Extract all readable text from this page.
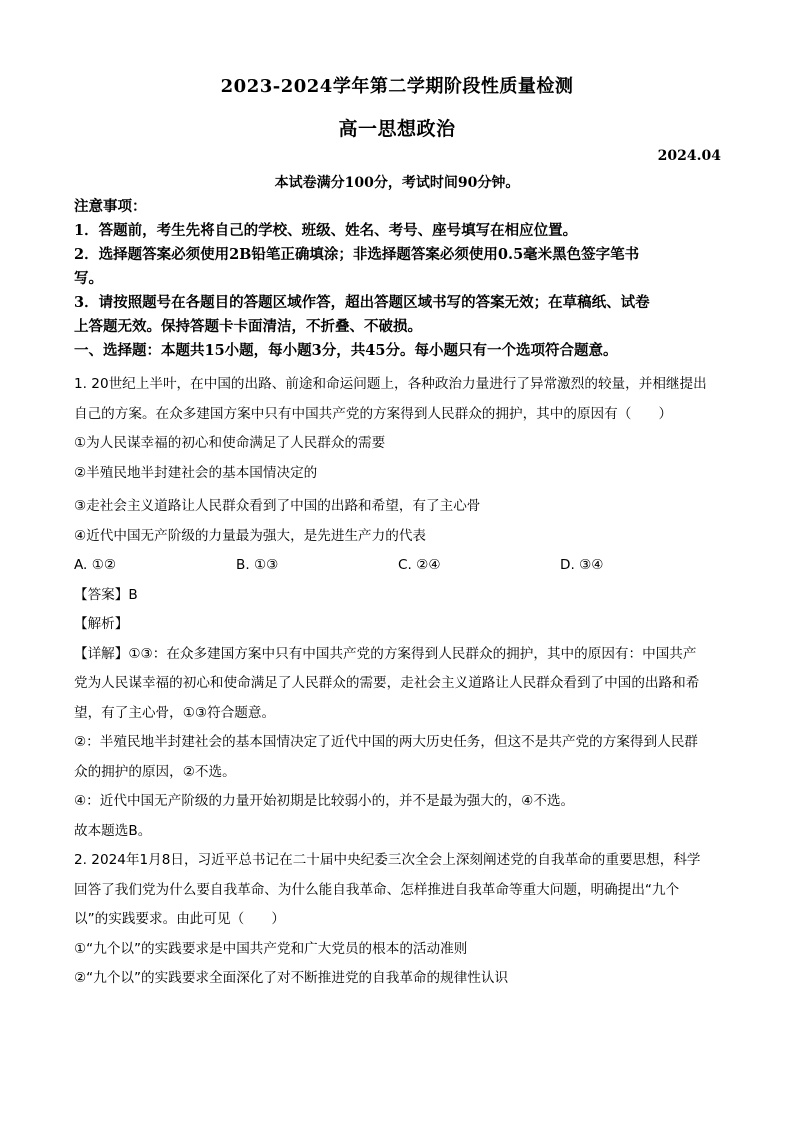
2023-2024学年第二学期阶段性质量检测
高一思想政治
2024.04
本试卷满分100分，考试时间90分钟。
注意事项：
1．答题前，考生先将自己的学校、班级、姓名、考号、座号填写在相应位置。
2．选择题答案必须使用2B铅笔正确填涂；非选择题答案必须使用0.5毫米黑色签字笔书
写。
3．请按照题号在各题目的答题区域作答，超出答题区域书写的答案无效；在草稿纸、试卷
上答题无效。保持答题卡卡面清洁，不折叠、不破损。
一、选择题：本题共15小题，每小题3分，共45分。每小题只有一个选项符合题意。
1. 20世纪上半叶，在中国的出路、前途和命运问题上，各种政治力量进行了异常激烈的较量，并相继提出
自己的方案。在众多建国方案中只有中国共产党的方案得到人民群众的拥护，其中的原因有（　　）
①为人民谋幸福的初心和使命满足了人民群众的需要
②半殖民地半封建社会的基本国情决定的
③走社会主义道路让人民群众看到了中国的出路和希望，有了主心骨
④近代中国无产阶级的力量最为强大，是先进生产力的代表
A. ①②	B. ①③	C. ②④	D. ③④
【答案】B
【解析】
【详解】①③：在众多建国方案中只有中国共产党的方案得到人民群众的拥护，其中的原因有：中国共产
党为人民谋幸福的初心和使命满足了人民群众的需要，走社会主义道路让人民群众看到了中国的出路和希
望，有了主心骨，①③符合题意。
②：半殖民地半封建社会的基本国情决定了近代中国的两大历史任务，但这不是共产党的方案得到人民群
众的拥护的原因，②不选。
④：近代中国无产阶级的力量开始初期是比较弱小的，并不是最为强大的，④不选。
故本题选B。
2. 2024年1月8日，习近平总书记在二十届中央纪委三次全会上深刻阐述党的自我革命的重要思想，科学
回答了我们党为什么要自我革命、为什么能自我革命、怎样推进自我革命等重大问题，明确提出“九个
以”的实践要求。由此可见（　　）
①“九个以”的实践要求是中国共产党和广大党员的根本的活动准则
②“九个以”的实践要求全面深化了对不断推进党的自我革命的规律性认识
